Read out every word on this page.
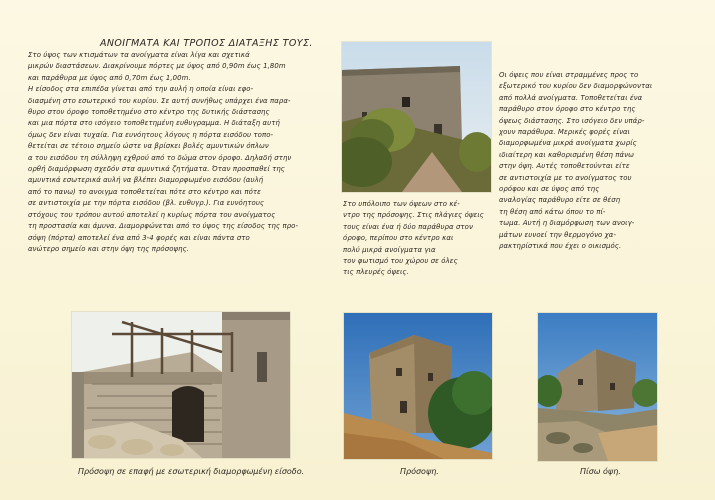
ΑΝΟΙΓΜΑΤΑ ΚΑΙ ΤΡΟΠΟΣ ΔΙΑΤΑΞΗΣ ΤΟΥΣ.
Στο ύψος των κτισμάτων τα ανοίγματα είναι λίγα και σχετικά
μικρών διαστάσεων. Διακρίνουμε πόρτες με ύψος από 0,90m έως 1,80m
και παράθυρα με ύψος από 0,70m έως 1,00m.
Η είσοδος στα επιπέδα γίνεται από την αυλή η οποία είναι εφο-
διασμένη στο εσωτερικό του κυρίου. Σε αυτή συνήθως υπάρχει ένα παρα-
θυρο στον όροφο τοποθετημένο στο κέντρο της δυτικής διάστασης
και μια πόρτα στο ισόγειο τοποθετημένη ευθυγραμμα. Η διάταξη αυτή
όμως δεν είναι τυχαία. Για ευνόητους λόγους η πόρτα εισόδου τοπο-
θετείται σε τέτοιο σημείο ώστε να βρίσκει βολές αμυντικών όπλων
α του εισόδου τη σύλληψη εχθρού από το δώμα στον όροφο. Δηλαδή στην
ορθή διαμόρφωση σχεδόν στα αμυντικά ζητήματα. Όταν προσπαθεί της
αμυντικά εσωτερικά αυλή να βλέπει διαμορφωμένο εισόδου (αυλή
από το πανω) το ανοιγμα τοποθετείται πότε στο κέντρο και πότε
σε αντιστοιχία με την πόρτα εισόδου (βλ. ευθυγρ.). Για ευνόητους
στόχους του τρόπου αυτού αποτελεί η κυρίως πόρτα του ανοίγματος
τη προστασία και άμυνα. Διαμορφώνεται από το ύψος της είσοδος της προ-
σόψη (πόρτα) αποτελεί ένα από 3-4 φορές και είναι πάντα στο
ανώτερο σημείο και στην όψη της πρόσοψης.
Στο υπόλοιπο των όψεων στο κέ-
ντρο της πρόσοψης. Στις πλάγιες όψεις
τους είναι ένα ή δύο παράθυρα στον
όροφο, περίπου στο κέντρο και
πολύ μικρά ανοίγματα για
τον φωτισμό του χώρου σε όλες
τις πλευρές όψεις.
Οι όψεις που είναι στραμμένες προς το
εξωτερικό του κυρίου δεν διαμορφώνονται
από πολλά ανοίγματα. Τοποθετείται ένα
παράθυρο στον όροφο στο κέντρο της
όψεως διάστασης. Στο ισόγειο δεν υπάρ-
χουν παράθυρα. Μερικές φορές είναι
διαμορφωμένα μικρά ανοίγματα χωρίς
ιδιαίτερη και καθορισμένη θέση πάνω
στην όψη. Αυτές τοποθετούνται είτε
σε αντιστοιχία με το ανοίγματος του
ορόφου και σε ύψος από της
αναλογίας παράθυρο είτε σε θέση
τη θέση από κάτω όπου το πί-
τωμα. Αυτή η διαμόρφωση των ανοιγ-
μάτων ευνοεί την θερμογόνο χα-
ρακτηρίστικά που έχει ο οικισμός.
Πρόσοψη σε επαφή με εσωτερική διαμορφωμένη είσοδο.	Πρόσοψη.	Πίσω όψη.
